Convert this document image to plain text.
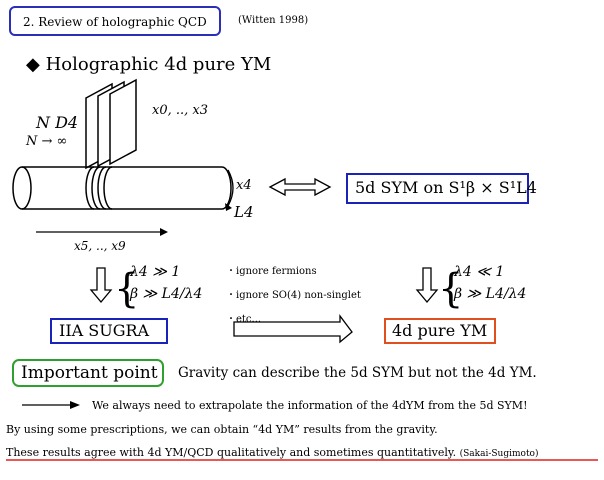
2. Review of holographic QCD	(Witten 1998)
◆ Holographic 4d pure YM
{	{
N D4
N → ∞
x0, .., x3
x4
L4
x5, .., x9
5d SYM on S¹β × S¹L4
λ4 ≫ 1
β ≫ L4/λ4
λ4 ≪ 1
β ≫ L4/λ4
・ignore fermions
・ignore SO(4) non-singlet
・etc...
IIA SUGRA	4d pure YM
Important point Gravity can describe the 5d SYM but not the 4d YM.
We always need to extrapolate the information of the 4dYM from the 5d SYM!
By using some prescriptions, we can obtain “4d YM” results from the gravity.
These results agree with 4d YM/QCD qualitatively and sometimes quantitatively. (Sakai-Sugimoto)
